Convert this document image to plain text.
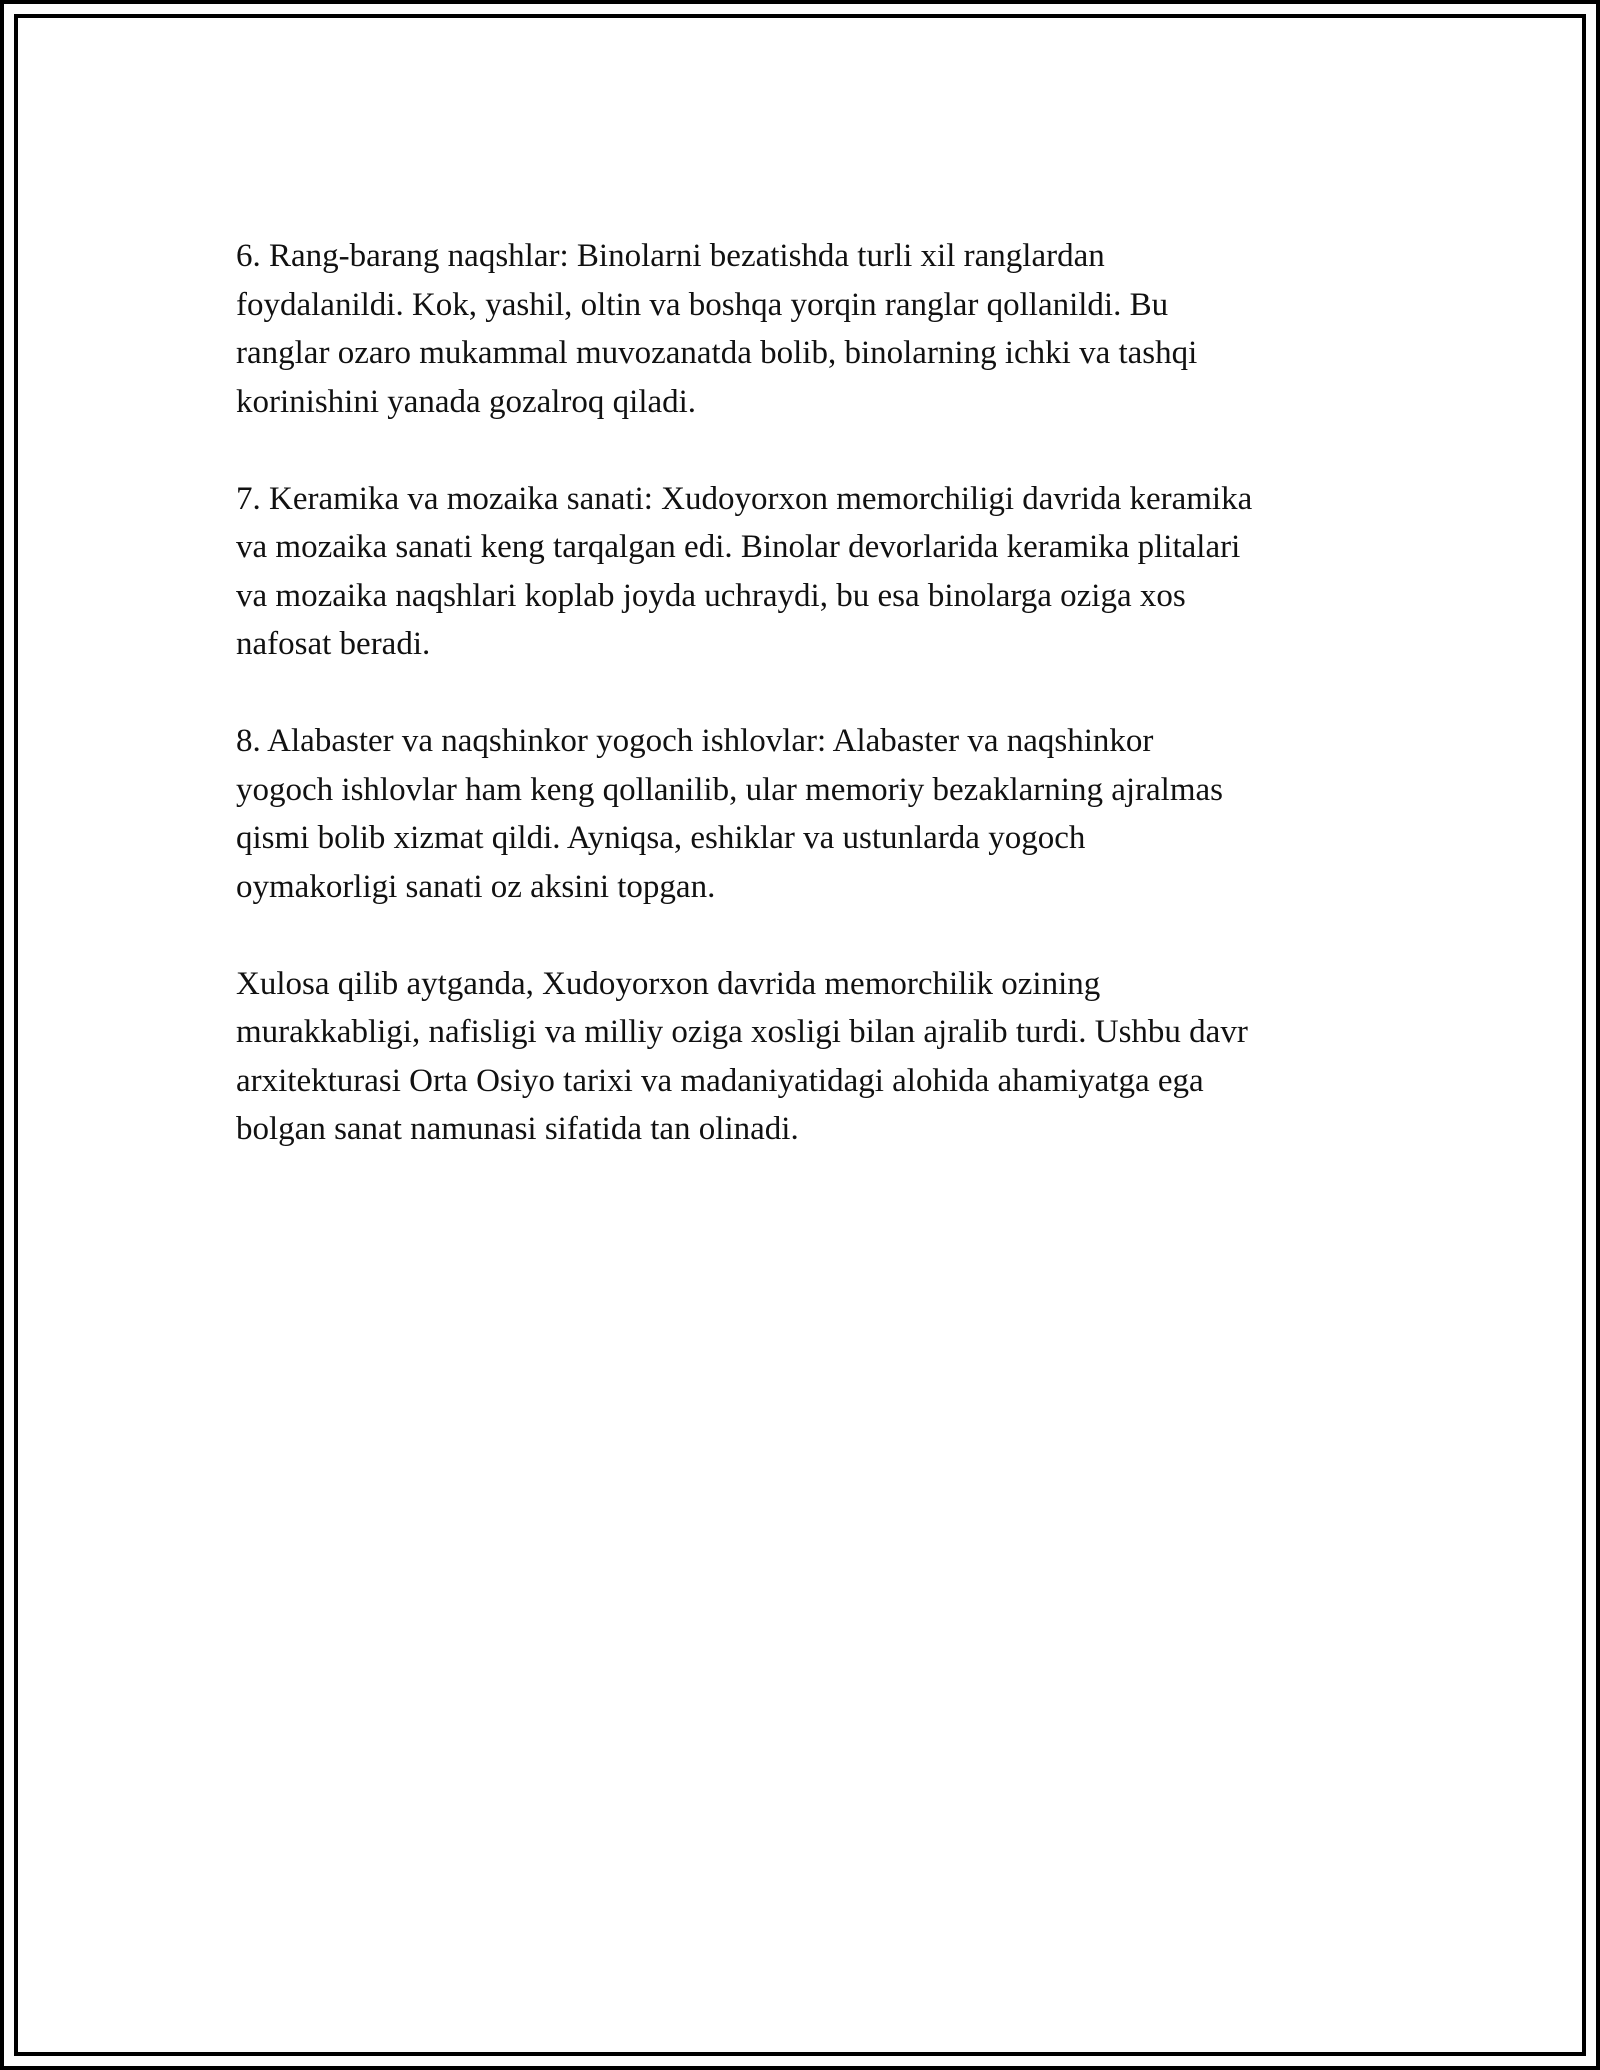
6. Rang-barang naqshlar: Binolarni bezatishda turli xil ranglardan
foydalanildi. Kok, yashil, oltin va boshqa yorqin ranglar qollanildi. Bu
ranglar ozaro mukammal muvozanatda bolib, binolarning ichki va tashqi
korinishini yanada gozalroq qiladi.

7. Keramika va mozaika sanati: Xudoyorxon memorchiligi davrida keramika
va mozaika sanati keng tarqalgan edi. Binolar devorlarida keramika plitalari
va mozaika naqshlari koplab joyda uchraydi, bu esa binolarga oziga xos
nafosat beradi.

8. Alabaster va naqshinkor yogoch ishlovlar: Alabaster va naqshinkor
yogoch ishlovlar ham keng qollanilib, ular memoriy bezaklarning ajralmas
qismi bolib xizmat qildi. Ayniqsa, eshiklar va ustunlarda yogoch
oymakorligi sanati oz aksini topgan.

Xulosa qilib aytganda, Xudoyorxon davrida memorchilik ozining
murakkabligi, nafisligi va milliy oziga xosligi bilan ajralib turdi. Ushbu davr
arxitekturasi Orta Osiyo tarixi va madaniyatidagi alohida ahamiyatga ega
bolgan sanat namunasi sifatida tan olinadi.
